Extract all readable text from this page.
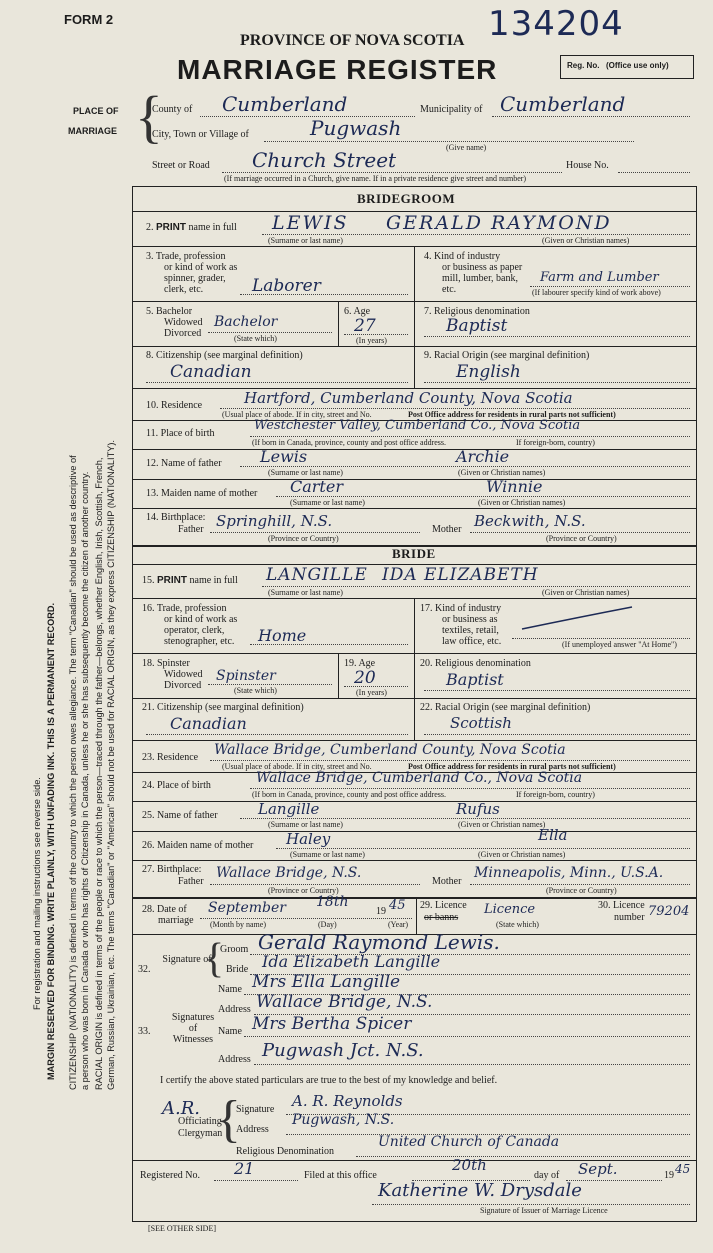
For registration and mailing instructions see reverse side. MARGIN RESERVED FOR BINDING. WRITE PLAINLY, WITH UNFADING INK. THIS IS A PERMANENT RECORD. CITIZENSHIP (NATIONALITY) is defined in terms of the country to which the person owes allegiance. The term "Canadian" should be used as descriptive of a person who was born in Canada or who has rights of Citizenship in Canada, unless he or she has subsequently become the citizen of another country. RACIAL ORIGIN is defined in terms of the people or race to which the person—traced through the father—belongs, whether English, Irish, Scottish, French, German, Russian, Ukrainian, etc. The terms "Canadian" or "American" should not be used for RACIAL ORIGIN, as they express CITIZENSHIP (NATIONALITY).
FORM 2	134204
PROVINCE OF NOVA SCOTIA
MARRIAGE REGISTER	Reg. No. (Office use only)
PLACE OF
MARRIAGE {
County of Cumberland	Municipality of Cumberland
City, Town or Village of	Pugwash
(Give name)
Street or Road Church Street	House No.
(If marriage occurred in a Church, give name. If in a private residence give street and number)
BRIDEGROOM
2. PRINT name in full LEWIS GERALD RAYMOND
(Surname or last name)	(Given or Christian names)
3. Trade, profession
or kind of work as
spinner, grader,
clerk, etc.	Laborer
4. Kind of industry
or business as paper
mill, lumber, bank,
etc.
Farm and Lumber
(If labourer specify kind of work above)
5. Bachelor
Widowed
Divorced
Bachelor
(State which)
6. Age
27
(In years)
7. Religious denomination
Baptist
8. Citizenship (see marginal definition)
Canadian
9. Racial Origin (see marginal definition)
English
10. Residence	Hartford, Cumberland County, Nova Scotia
(Usual place of abode. If in city, street and No.	Post Office address for residents in rural parts not sufficient)
11. Place of birth
Westchester Valley, Cumberland Co., Nova Scotia
(If born in Canada, province, county and post office address.	If foreign-born, country)
12. Name of father Lewis	Archie
(Surname or last name)	(Given or Christian names)
13. Maiden name of mother Carter	Winnie
(Surname or last name)	(Given or Christian names)
14. Birthplace:
Father Springhill, N.S.
(Province or Country)
Mother Beckwith, N.S.
(Province or Country)
BRIDE
15. PRINT name in full LANGILLE IDA ELIZABETH
(Surname or last name)	(Given or Christian names)
16. Trade, profession
or kind of work as
operator, clerk,
stenographer, etc. Home
17. Kind of industry
or business as
textiles, retail,
law office, etc.	(If unemployed answer "At Home")
18. Spinster
Widowed
Divorced
Spinster
(State which)
19. Age
20
(In years)
20. Religious denomination
Baptist
21. Citizenship (see marginal definition)
Canadian
22. Racial Origin (see marginal definition)
Scottish
23. Residence Wallace Bridge, Cumberland County, Nova Scotia
(Usual place of abode. If in city, street and No.	Post Office address for residents in rural parts not sufficient)
24. Place of birth	Wallace Bridge, Cumberland Co., Nova Scotia
(If born in Canada, province, county and post office address.	If foreign-born, country)
25. Name of father	Langille	Rufus
(Surname or last name)	(Given or Christian names)
26. Maiden name of mother Haley	Ella
(Surname or last name)	(Given or Christian names)
27. Birthplace:
Father
Wallace Bridge, N.S.
(Province or Country)
Mother
Minneapolis, Minn., U.S.A.
(Province or Country)
28. Date of
marriage
September 18th
19 45
(Month by name)	(Day)	(Year)
29. Licence
or banns
Licence
(State which)
30. Licence
number 79204
32.
Signature of
{
Groom Gerald Raymond Lewis.
Bride Ida Elizabeth Langille
33.
Signatures of Witnesses
Name Mrs Ella Langille
Address Wallace Bridge, N.S.
Name Mrs Bertha Spicer
Address Pugwash Jct. N.S.
I certify the above stated particulars are true to the best of my knowledge and belief.
A.R.
Officiating
Clergyman
{
Signature A. R. Reynolds
Address
Pugwash, N.S.
Religious Denomination
United Church of Canada
Registered No. 21	Filed at this office
20th
day of Sept.	19 45
Katherine W. Drysdale
Signature of Issuer of Marriage Licence
[SEE OTHER SIDE]
